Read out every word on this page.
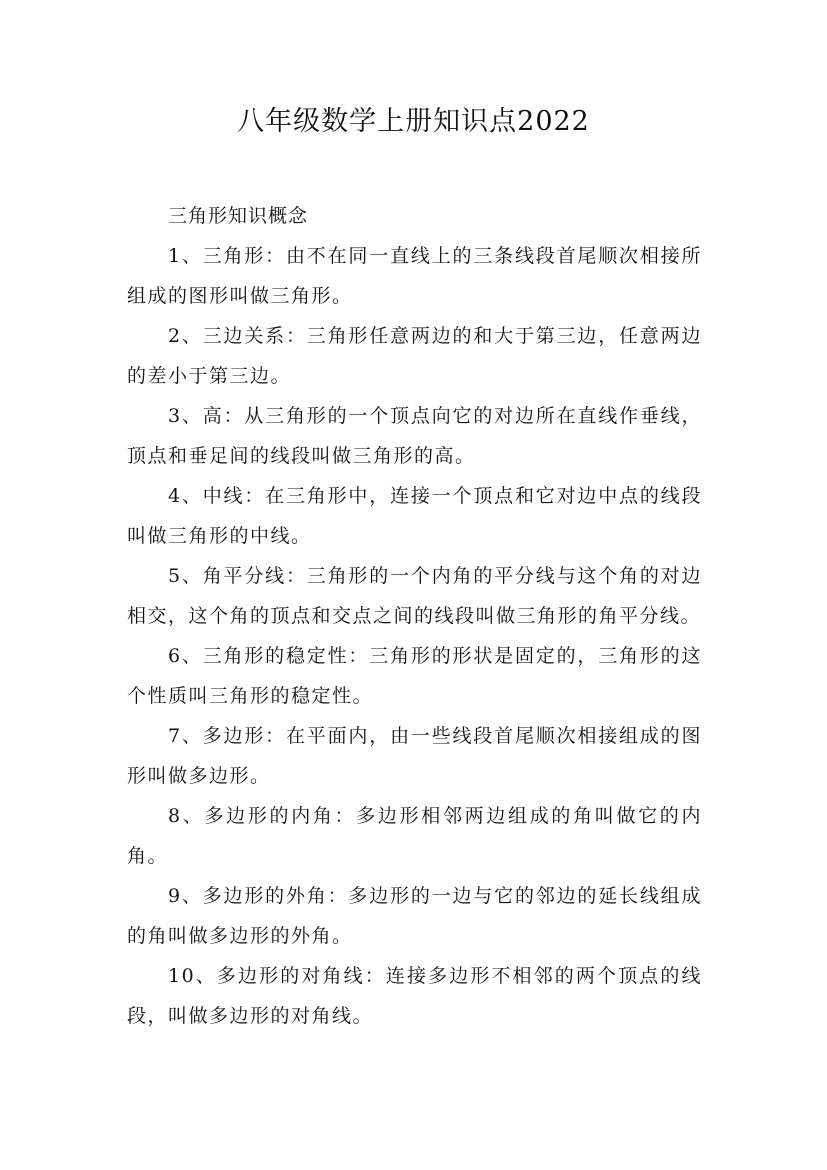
八年级数学上册知识点2022

三角形知识概念

1、三角形：由不在同一直线上的三条线段首尾顺次相接所组成的图形叫做三角形。

2、三边关系：三角形任意两边的和大于第三边，任意两边的差小于第三边。

3、高：从三角形的一个顶点向它的对边所在直线作垂线，顶点和垂足间的线段叫做三角形的高。

4、中线：在三角形中，连接一个顶点和它对边中点的线段叫做三角形的中线。

5、角平分线：三角形的一个内角的平分线与这个角的对边相交，这个角的顶点和交点之间的线段叫做三角形的角平分线。

6、三角形的稳定性：三角形的形状是固定的，三角形的这个性质叫三角形的稳定性。

7、多边形：在平面内，由一些线段首尾顺次相接组成的图形叫做多边形。

8、多边形的内角：多边形相邻两边组成的角叫做它的内角。

9、多边形的外角：多边形的一边与它的邻边的延长线组成的角叫做多边形的外角。

10、多边形的对角线：连接多边形不相邻的两个顶点的线段，叫做多边形的对角线。
